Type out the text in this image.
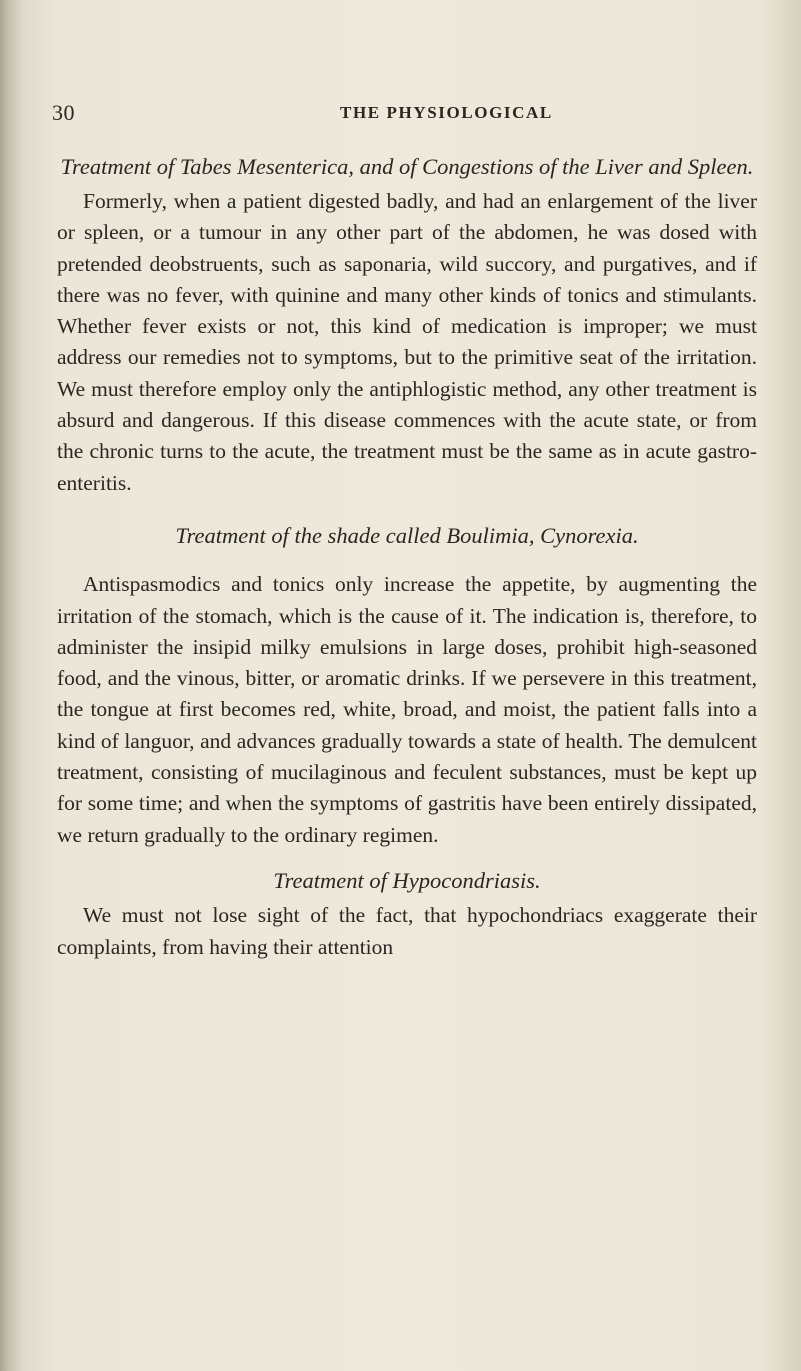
30	THE PHYSIOLOGICAL

Treatment of Tabes Mesenterica, and of Congestions of the Liver and Spleen.

Formerly, when a patient digested badly, and had an enlargement of the liver or spleen, or a tumour in any other part of the abdomen, he was dosed with pretended deobstruents, such as saponaria, wild succory, and purgatives, and if there was no fever, with quinine and many other kinds of tonics and stimulants. Whether fever exists or not, this kind of medication is improper; we must address our remedies not to symptoms, but to the primitive seat of the irritation. We must therefore employ only the antiphlogistic method, any other treatment is absurd and dangerous. If this disease commences with the acute state, or from the chronic turns to the acute, the treatment must be the same as in acute gastro-enteritis.

Treatment of the shade called Boulimia, Cynorexia.

Antispasmodics and tonics only increase the appetite, by augmenting the irritation of the stomach, which is the cause of it. The indication is, therefore, to administer the insipid milky emulsions in large doses, prohibit high-seasoned food, and the vinous, bitter, or aromatic drinks. If we persevere in this treatment, the tongue at first becomes red, white, broad, and moist, the patient falls into a kind of languor, and advances gradually towards a state of health. The demulcent treatment, consisting of mucilaginous and feculent substances, must be kept up for some time; and when the symptoms of gastritis have been entirely dissipated, we return gradually to the ordinary regimen.

Treatment of Hypocondriasis.

We must not lose sight of the fact, that hypochondriacs exaggerate their complaints, from having their attention
